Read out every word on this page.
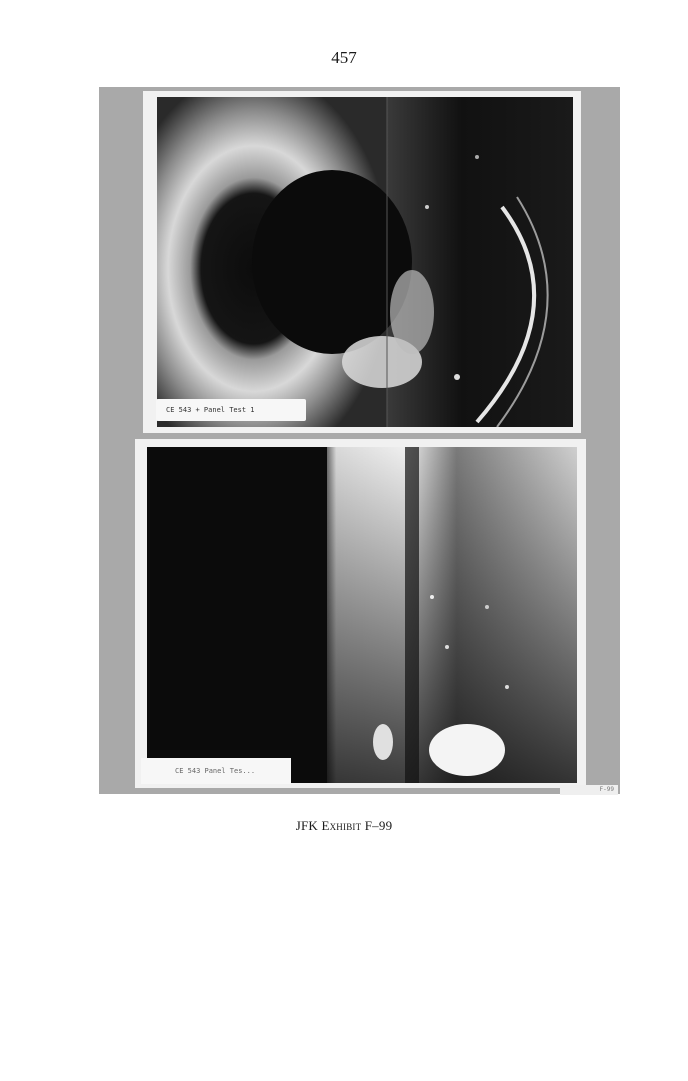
457
CE 543 + Panel Test 1
CE 543 Panel Tes...
F-99
JFK Exhibit F–99
